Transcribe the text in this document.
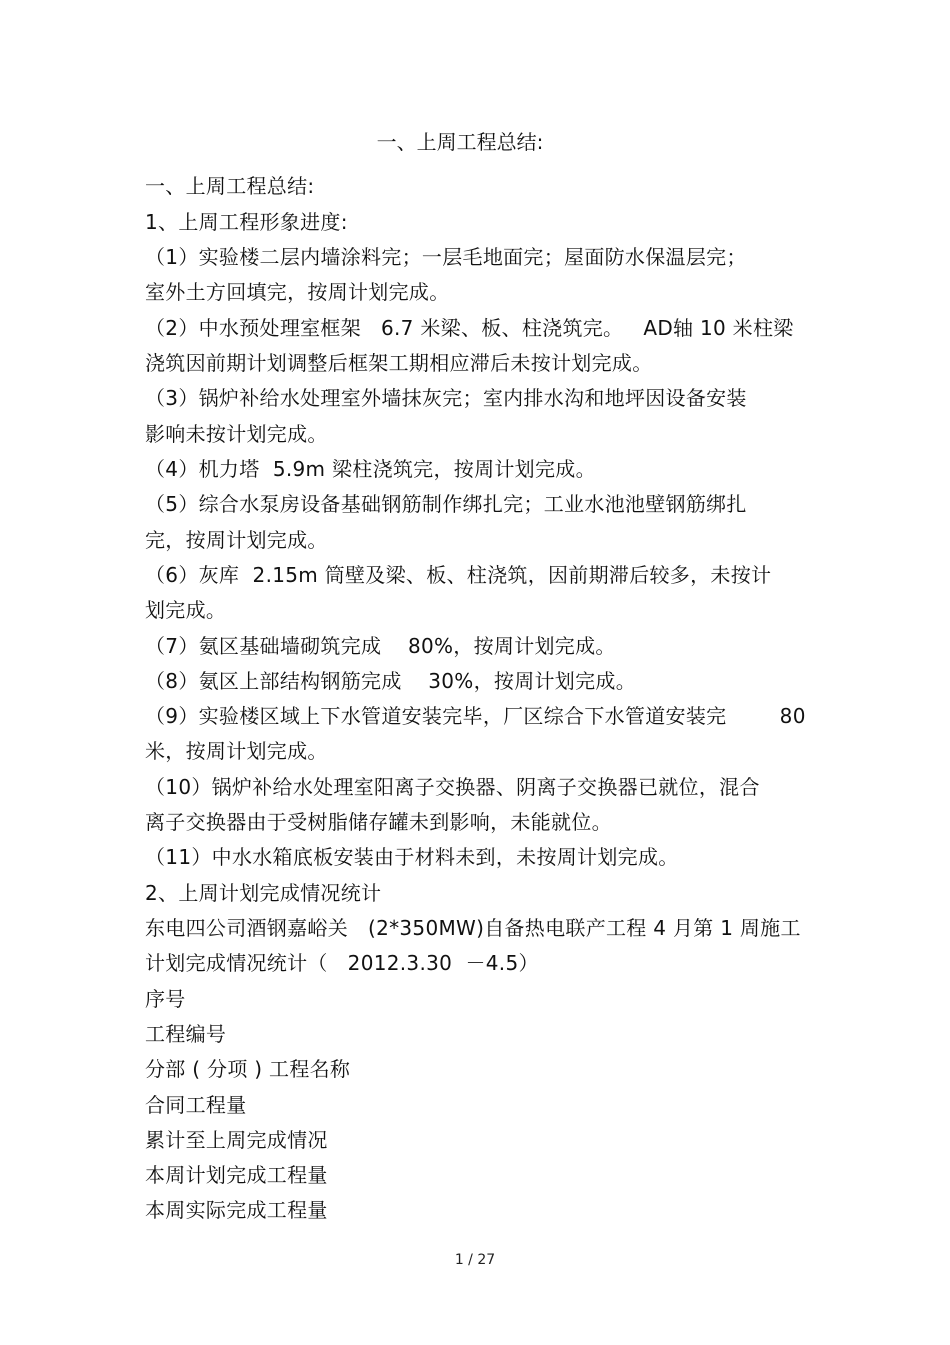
一、上周工程总结:
一、上周工程总结:
1、上周工程形象进度:
（1）实验楼二层内墙涂料完；一层毛地面完；屋面防水保温层完；
室外土方回填完，按周计划完成。
（2）中水预处理室框架   6.7 米梁、板、柱浇筑完。   AD轴 10 米柱梁
浇筑因前期计划调整后框架工期相应滞后未按计划完成。
（3）锅炉补给水处理室外墙抹灰完；室内排水沟和地坪因设备安装
影响未按计划完成。
（4）机力塔  5.9m 梁柱浇筑完，按周计划完成。
（5）综合水泵房设备基础钢筋制作绑扎完；工业水池池壁钢筋绑扎
完，按周计划完成。
（6）灰库  2.15m 筒壁及梁、板、柱浇筑，因前期滞后较多，未按计
划完成。
（7）氨区基础墙砌筑完成    80%，按周计划完成。
（8）氨区上部结构钢筋完成    30%，按周计划完成。
（9）实验楼区域上下水管道安装完毕，厂区综合下水管道安装完        80
米，按周计划完成。
（10）锅炉补给水处理室阳离子交换器、阴离子交换器已就位，混合
离子交换器由于受树脂储存罐未到影响，未能就位。
（11）中水水箱底板安装由于材料未到，未按周计划完成。
2、上周计划完成情况统计
东电四公司酒钢嘉峪关   (2*350MW)自备热电联产工程 4 月第 1 周施工
计划完成情况统计（   2012.3.30  －4.5）
序号
工程编号
分部 ( 分项 ) 工程名称
合同工程量
累计至上周完成情况
本周计划完成工程量
本周实际完成工程量
1 / 27
